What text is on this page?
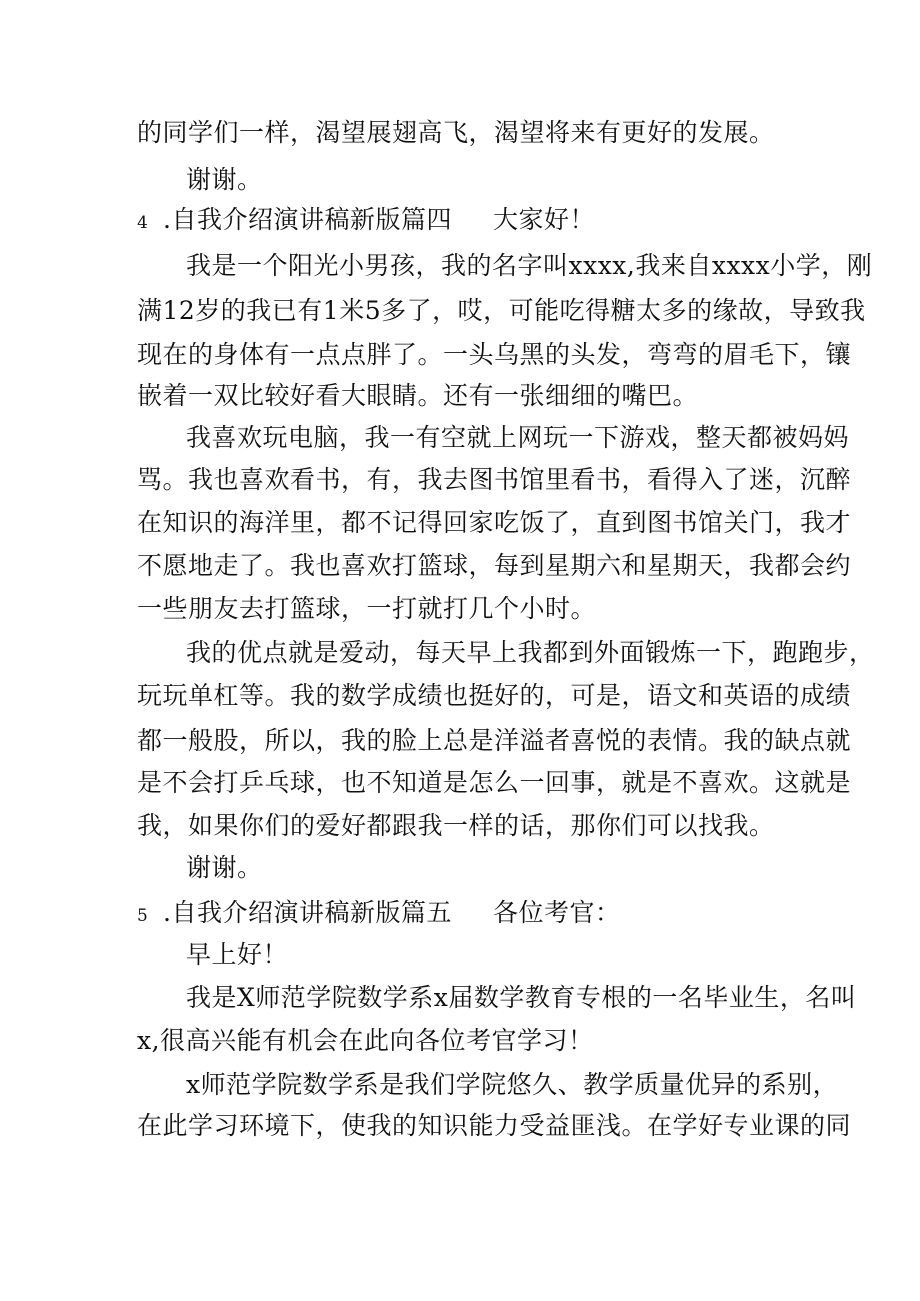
的同学们一样，渴望展翅高飞，渴望将来有更好的发展。
谢谢。
4 .自我介绍演讲稿新版篇四 大家好！
我是一个阳光小男孩，我的名字叫xxxx,我来自xxxx小学，刚
满12岁的我已有1米5多了，哎，可能吃得糖太多的缘故，导致我
现在的身体有一点点胖了。一头乌黑的头发，弯弯的眉毛下，镶
嵌着一双比较好看大眼睛。还有一张细细的嘴巴。
我喜欢玩电脑，我一有空就上网玩一下游戏，整天都被妈妈
骂。我也喜欢看书，有，我去图书馆里看书，看得入了迷，沉醉
在知识的海洋里，都不记得回家吃饭了，直到图书馆关门，我才
不愿地走了。我也喜欢打篮球，每到星期六和星期天，我都会约
一些朋友去打篮球，一打就打几个小时。
我的优点就是爱动，每天早上我都到外面锻炼一下，跑跑步，
玩玩单杠等。我的数学成绩也挺好的，可是，语文和英语的成绩
都一般股，所以，我的脸上总是洋溢者喜悦的表情。我的缺点就
是不会打乒乓球，也不知道是怎么一回事，就是不喜欢。这就是
我，如果你们的爱好都跟我一样的话，那你们可以找我。
谢谢。
5 .自我介绍演讲稿新版篇五 各位考官：
早上好！
我是X师范学院数学系x届数学教育专根的一名毕业生，名叫
x,很高兴能有机会在此向各位考官学习！
x师范学院数学系是我们学院悠久、教学质量优异的系别，
在此学习环境下，使我的知识能力受益匪浅。在学好专业课的同
